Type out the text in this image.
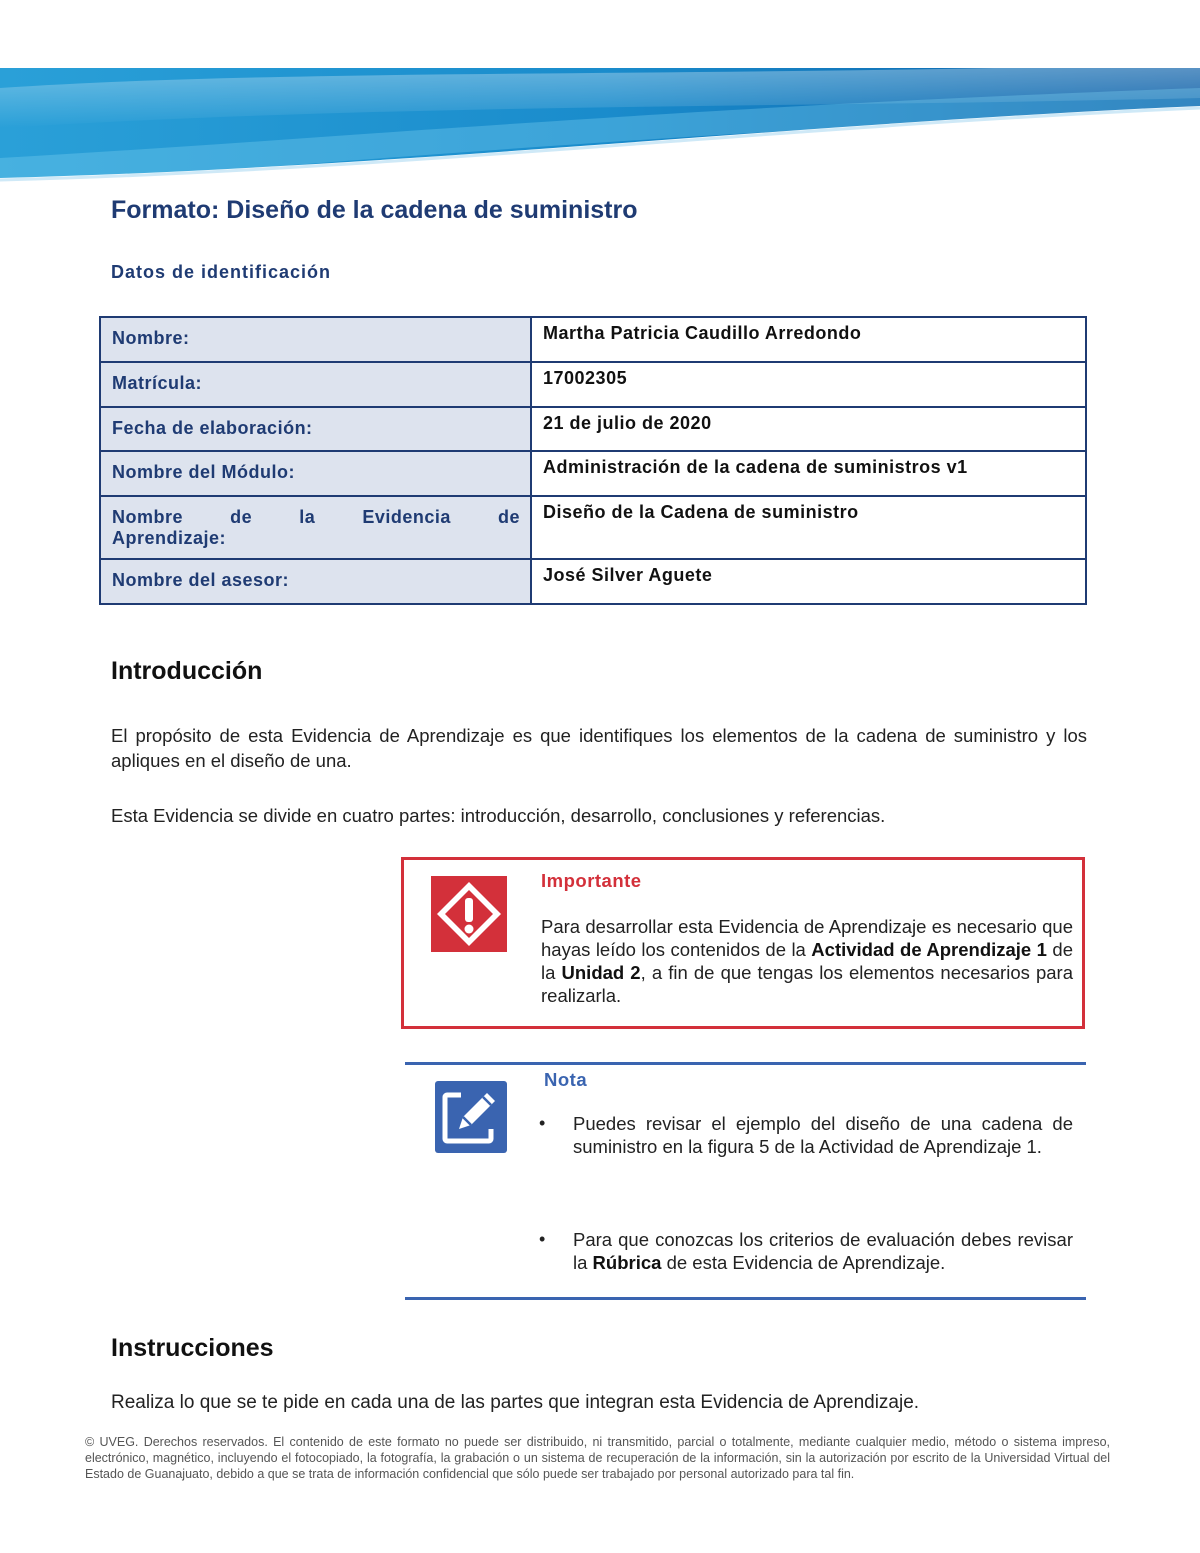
Formato: Diseño de la cadena de suministro
Datos de identificación
Nombre:	Martha Patricia Caudillo Arredondo
Matrícula:	17002305
Fecha de elaboración:	21 de julio de 2020
Nombre del Módulo:	Administración de la cadena de suministros v1

Nombre de la Evidencia de
Aprendizaje:	Diseño de la Cadena de suministro
Nombre del asesor:	José Silver Aguete
Introducción

El propósito de esta Evidencia de Aprendizaje es que identifiques los elementos de la cadena de suministro y los apliques en el diseño de una.

Esta Evidencia se divide en cuatro partes: introducción, desarrollo, conclusiones y referencias.

Importante

Para desarrollar esta Evidencia de Aprendizaje es necesario que hayas leído los contenidos de la Actividad de Aprendizaje 1 de la Unidad 2, a fin de que tengas los elementos necesarios para realizarla.

Nota
•	Puedes revisar el ejemplo del diseño de una cadena de suministro en la figura 5 de la Actividad de Aprendizaje 1.
•	Para que conozcas los criterios de evaluación debes revisar la Rúbrica de esta Evidencia de Aprendizaje.
Instrucciones

Realiza lo que se te pide en cada una de las partes que integran esta Evidencia de Aprendizaje.

© UVEG. Derechos reservados. El contenido de este formato no puede ser distribuido, ni transmitido, parcial o totalmente, mediante cualquier medio, método o sistema impreso, electrónico, magnético, incluyendo el fotocopiado, la fotografía, la grabación o un sistema de recuperación de la información, sin la autorización por escrito de la Universidad Virtual del Estado de Guanajuato, debido a que se trata de información confidencial que sólo puede ser trabajado por personal autorizado para tal fin.
